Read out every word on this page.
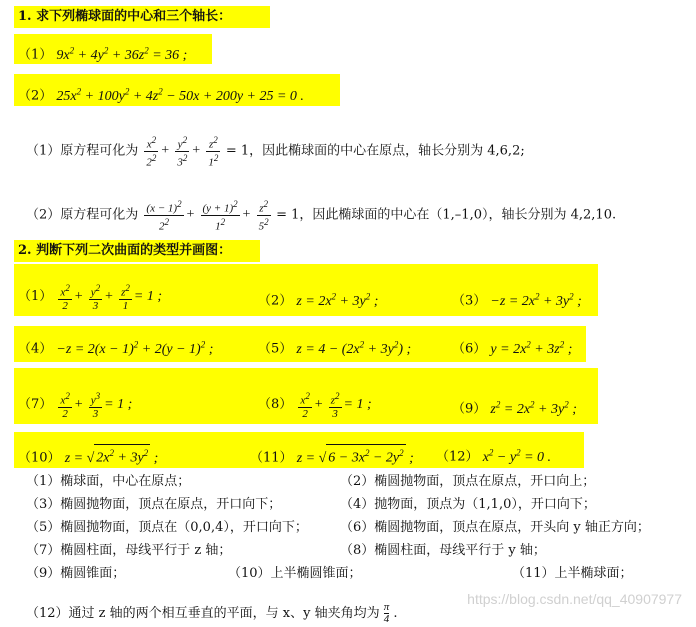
1. 求下列椭球面的中心和三个轴长：
（1） $9x^2 + 4y^2 + 36z^2 = 36$ ;
（2） $25x^2 + 100y^2 + 4z^2 - 50x + 200y + 25 = 0$ .
（1）原方程可化为 $\frac{x^2}{2^2} + \frac{y^2}{3^2} + \frac{z^2}{1^2} = 1$，因此椭球面的中心在原点，轴长分别为 4,6,2;
（2）原方程可化为 $\frac{(x - 1)^2}{2^2} + \frac{(y + 1)^2}{1^2} + \frac{z^2}{5^2} = 1$，因此椭球面的中心在（1,–1,0），轴长分别为 4,2,10.
2. 判断下列二次曲面的类型并画图：
$(1) \frac{x^2}{2} + \frac{y^2}{3} + \frac{z^2}{1} = 1$ ;	（2） $z = 2x^2 + 3y^2$ ;	$(3) -z = 2x^2 + 3y^2$ ;
$(4) -z = 2(x - 1)^2 + 2(y - 1)^2$ ;	（5） $z = 4 - (2x^2 + 3y^2)$ ;	（6） $y = 2x^2 + 3z^2$ ;
$(7) \frac{x^2}{2} + \frac{y^3}{3} = 1$ ;	$(8) \frac{x^2}{2} + \frac{z^2}{3} = 1$ ;	（9） $z^2 = 2x^2 + 3y^2$ ;
（10） z = √ $2x^2 + 3y^2$ ;	（11） z = √ $6 - 3x^2 - 2y^2$ ; （12） $x^2 - y^2 = 0$ .
（1）椭球面，中心在原点；	（2）椭圆抛物面，顶点在原点，开口向上；
（3）椭圆抛物面，顶点在原点，开口向下；	（4）抛物面，顶点为（1,1,0），开口向下；
（5）椭圆抛物面，顶点在（0,0,4），开口向下； （6）椭圆抛物面，顶点在原点，开头向 y 轴正方向；
（7）椭圆柱面，母线平行于 z 轴；	（8）椭圆柱面，母线平行于 y 轴；
（9）椭圆锥面；	（10）上半椭圆锥面；	（11）上半椭球面；
（12）通过 z 轴的两个相互垂直的平面，与 x、y 轴夹角均为 $\frac{\pi}{4}$ .
https://blog.csdn.net/qq_40907977
